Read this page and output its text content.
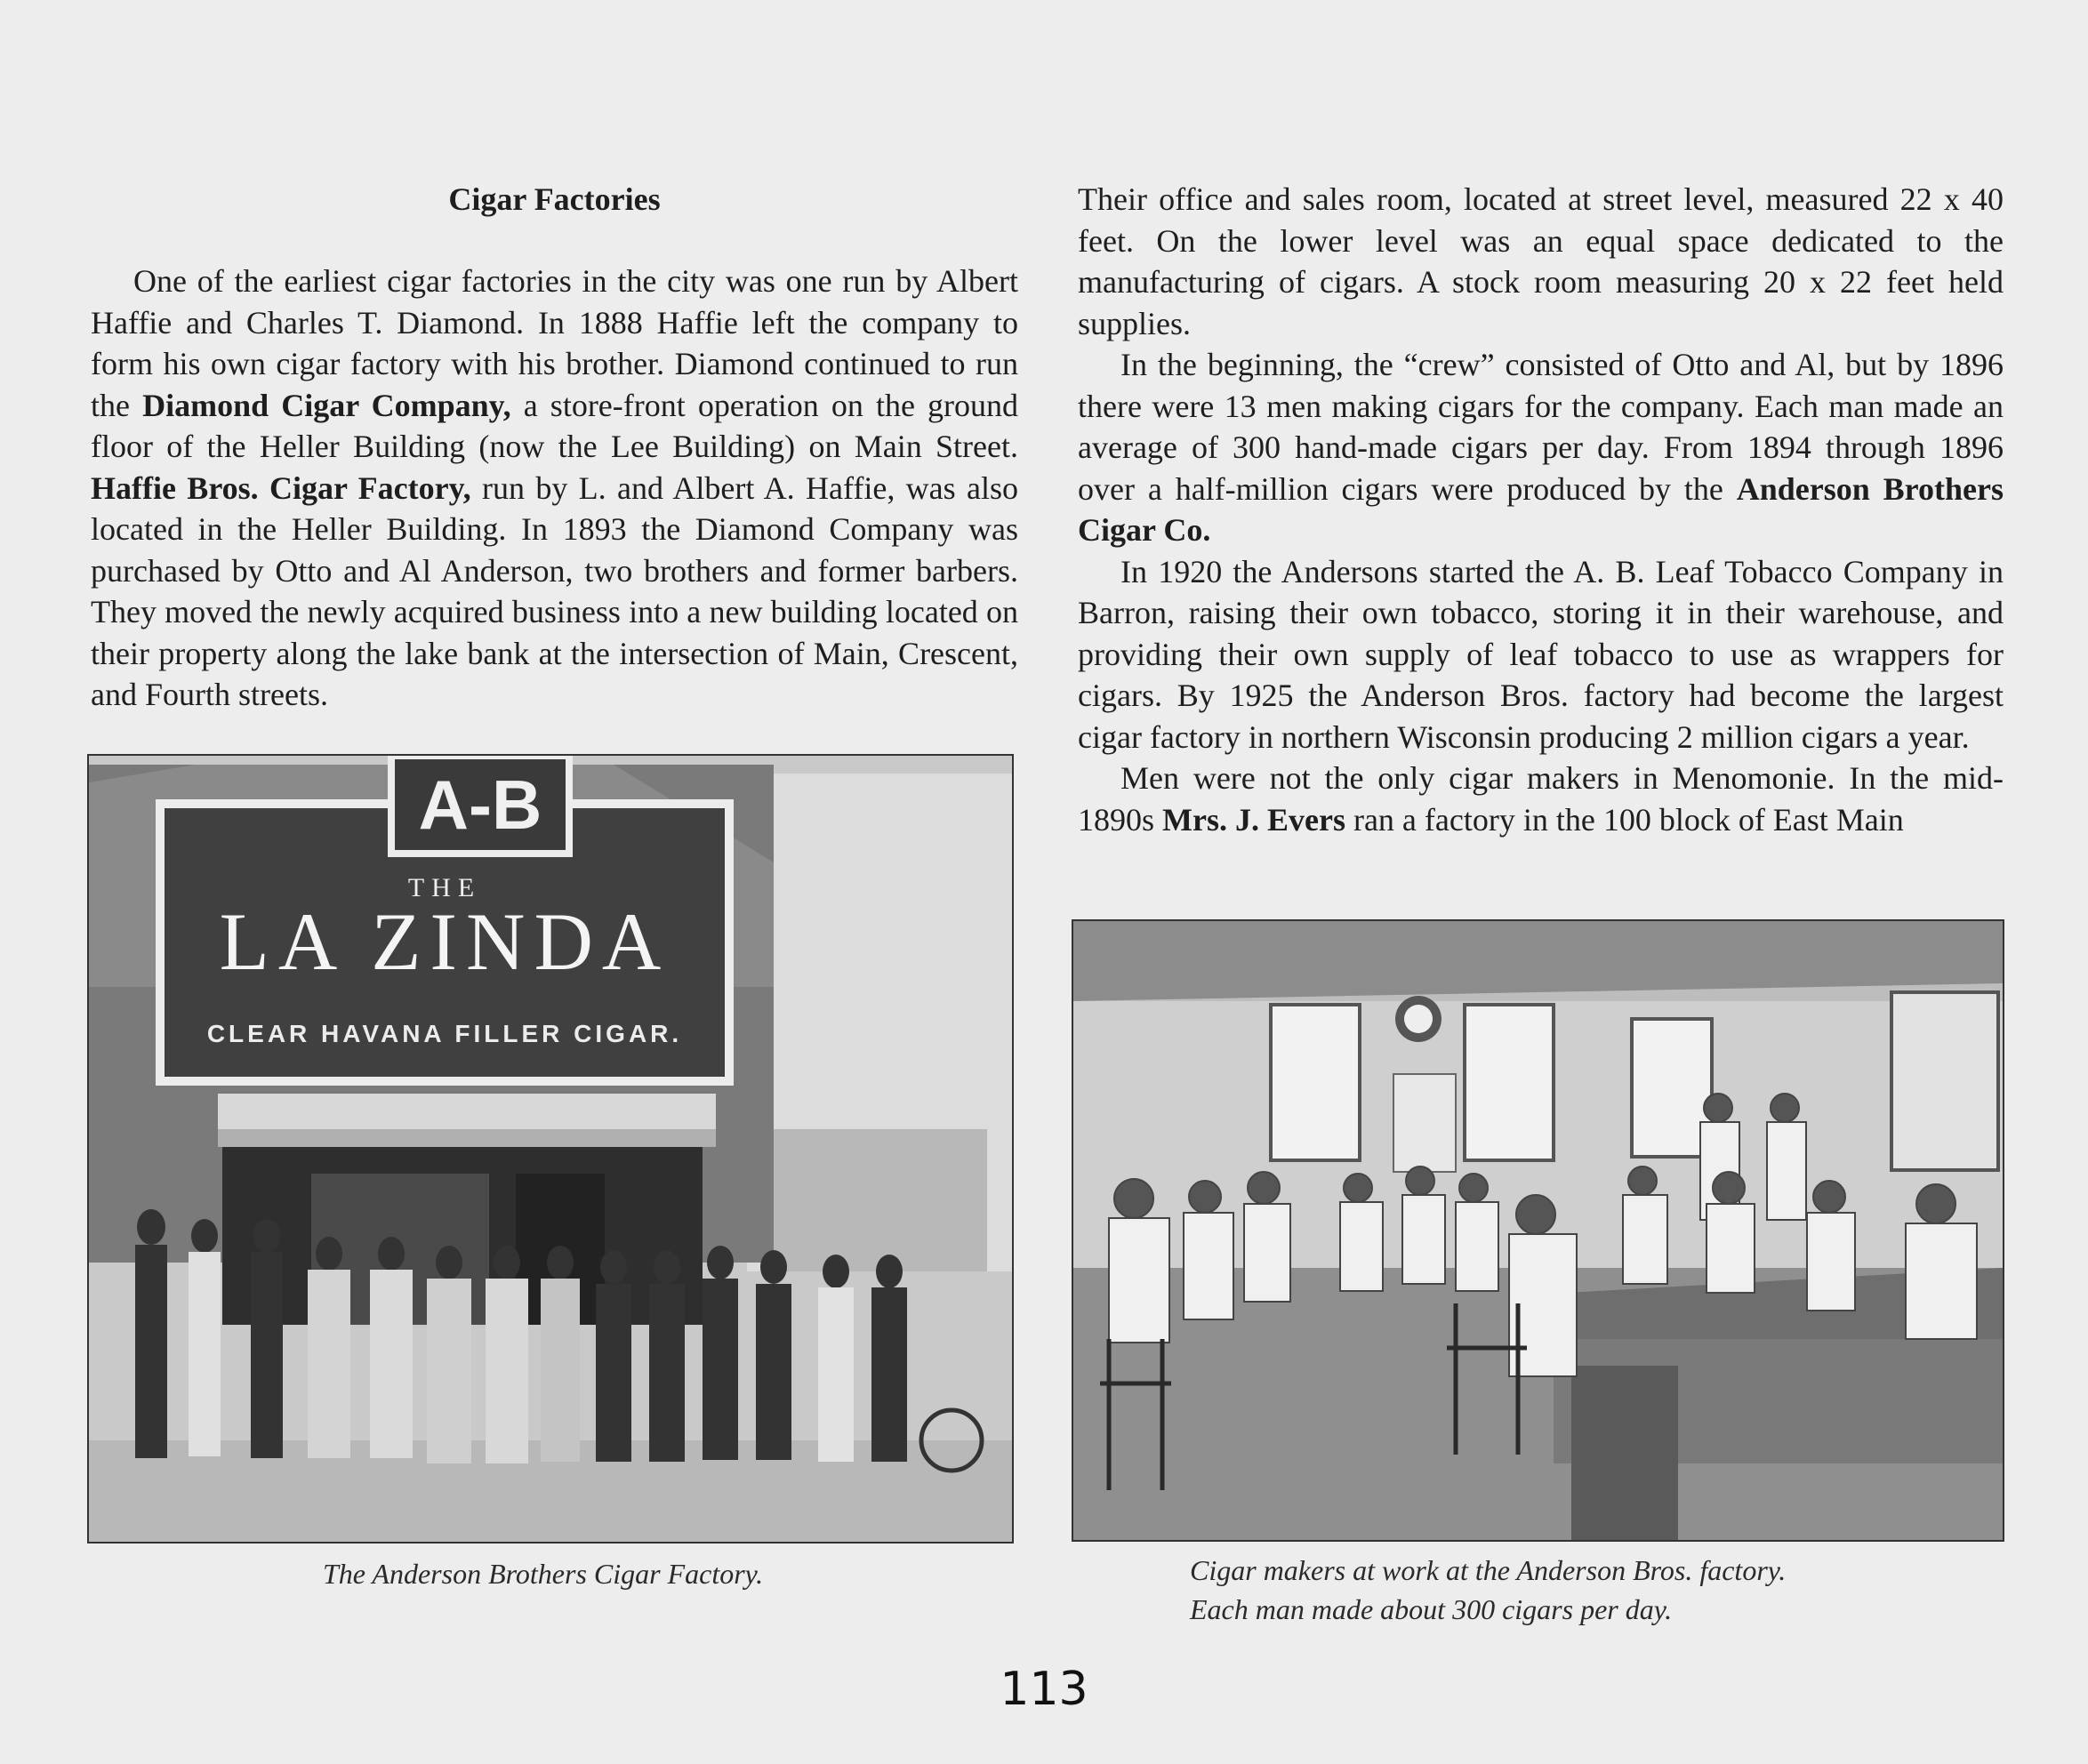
Cigar Factories

One of the earliest cigar factories in the city was one run by Albert Haffie and Charles T. Diamond. In 1888 Haffie left the company to form his own cigar factory with his brother. Diamond continued to run the Diamond Cigar Company, a store-front operation on the ground floor of the Heller Building (now the Lee Building) on Main Street. Haffie Bros. Cigar Factory, run by L. and Albert A. Haffie, was also located in the Heller Building. In 1893 the Diamond Company was purchased by Otto and Al Anderson, two brothers and former barbers. They moved the newly acquired business into a new building located on their property along the lake bank at the intersection of Main, Crescent, and Fourth streets.

Their office and sales room, located at street level, measured 22 x 40 feet. On the lower level was an equal space dedicated to the manufacturing of cigars. A stock room measuring 20 x 22 feet held supplies.

In the beginning, the “crew” consisted of Otto and Al, but by 1896 there were 13 men making cigars for the company. Each man made an average of 300 hand-made cigars per day. From 1894 through 1896 over a half-million cigars were produced by the Anderson Brothers Cigar Co.

In 1920 the Andersons started the A. B. Leaf Tobacco Company in Barron, raising their own tobacco, storing it in their warehouse, and providing their own supply of leaf tobacco to use as wrappers for cigars. By 1925 the Anderson Bros. factory had become the largest cigar factory in northern Wisconsin producing 2 million cigars a year.

Men were not the only cigar makers in Menomonie. In the mid-1890s Mrs. J. Evers ran a factory in the 100 block of East Main

A-B
THE
LA ZINDA
CLEAR HAVANA FILLER CIGAR.
The Anderson Brothers Cigar Factory.	Cigar makers at work at the Anderson Bros. factory.
Each man made about 300 cigars per day.
113
